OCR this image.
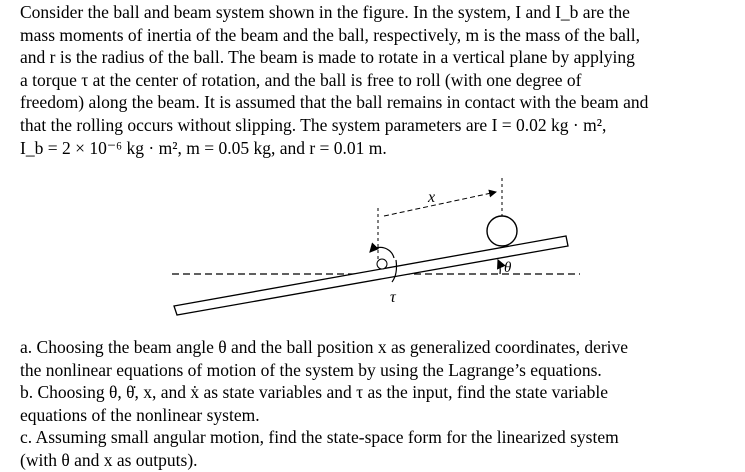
Consider the ball and beam system shown in the figure. In the system, I and I_b are the
mass moments of inertia of the beam and the ball, respectively, m is the mass of the ball,
and r is the radius of the ball. The beam is made to rotate in a vertical plane by applying
a torque τ at the center of rotation, and the ball is free to roll (with one degree of
freedom) along the beam. It is assumed that the ball remains in contact with the beam and
that the rolling occurs without slipping. The system parameters are I = 0.02 kg · m²,
I_b = 2 × 10⁻⁶ kg · m², m = 0.05 kg, and r = 0.01 m.
x
τ
θ
a. Choosing the beam angle θ and the ball position x as generalized coordinates, derive
the nonlinear equations of motion of the system by using the Lagrange’s equations.
b. Choosing θ, θ̇, x, and ẋ as state variables and τ as the input, find the state variable
equations of the nonlinear system.
c. Assuming small angular motion, find the state-space form for the linearized system
(with θ and x as outputs).
